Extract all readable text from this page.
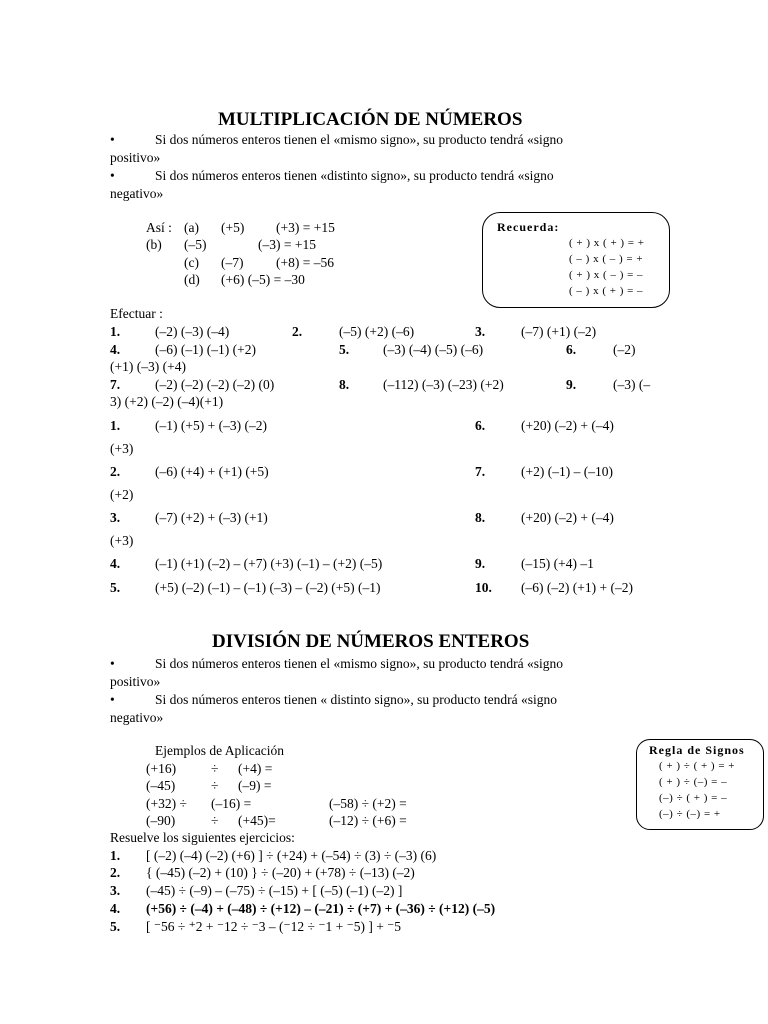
MULTIPLICACIÓN DE NÚMEROS
•	Si dos números enteros tienen el «mismo signo», su producto tendrá «signo
positivo»
•	Si dos números enteros tienen «distinto signo», su producto tendrá «signo
negativo»
Así : (a) (+5) (+3) = +15
(b) (–5)	(–3) = +15
(c) (–7) (+8) = –56
(d) (+6) (–5) = –30
Recuerda:
( + ) x ( + ) = +
( – ) x ( – ) = +
( + ) x ( – ) = –
( – ) x ( + ) = –
Efectuar :
1.	(–2) (–3) (–4)	2.	(–5) (+2) (–6)	3.	(–7) (+1) (–2)
4.	(–6) (–1) (–1) (+2)	5.	(–3) (–4) (–5) (–6)	6.	(–2)
(+1) (–3) (+4)
7.	(–2) (–2) (–2) (–2) (0)	8.	(–112) (–3) (–23) (+2)	9.	(–3) (–
3) (+2) (–2) (–4)(+1)
1.	(–1) (+5) + (–3) (–2)	6.	(+20) (–2) + (–4)
(+3)
2.	(–6) (+4) + (+1) (+5)	7.	(+2) (–1) – (–10)
(+2)
3.	(–7) (+2) + (–3) (+1)	8.	(+20) (–2) + (–4)
(+3)
4.	(–1) (+1) (–2) – (+7) (+3) (–1) – (+2) (–5)	9.	(–15) (+4) –1
5.	(+5) (–2) (–1) – (–1) (–3) – (–2) (+5) (–1)	10. (–6) (–2) (+1) + (–2)
DIVISIÓN DE NÚMEROS ENTEROS
•	Si dos números enteros tienen el «mismo signo», su producto tendrá «signo
positivo»
•	Si dos números enteros tienen « distinto signo», su producto tendrá «signo
negativo»
Ejemplos de Aplicación
(+16)	÷ (+4) =
(–45)	÷ (–9) =
(+32) ÷ (–16) =	(–58) ÷ (+2) =
(–90)	÷ (+45)=	(–12) ÷ (+6) =
Regla de Signos
( + ) ÷ ( + ) = +
( + ) ÷ (–) = –
(–) ÷ ( + ) = –
(–) ÷ (–) = +
Resuelve los siguientes ejercicios:
1. [ (–2) (–4) (–2) (+6) ] ÷ (+24) + (–54) ÷ (3) ÷ (–3) (6)
2. { (–45) (–2) + (10) } ÷ (–20) + (+78) ÷ (–13) (–2)
3. (–45) ÷ (–9) – (–75) ÷ (–15) + [ (–5) (–1) (–2) ]
4. (+56) ÷ (–4) + (–48) ÷ (+12) – (–21) ÷ (+7) + (–36) ÷ (+12) (–5)
5. [ ⁻56 ÷ ⁺2 + ⁻12 ÷ ⁻3 – (⁻12 ÷ ⁻1 + ⁻5) ] + ⁻5
